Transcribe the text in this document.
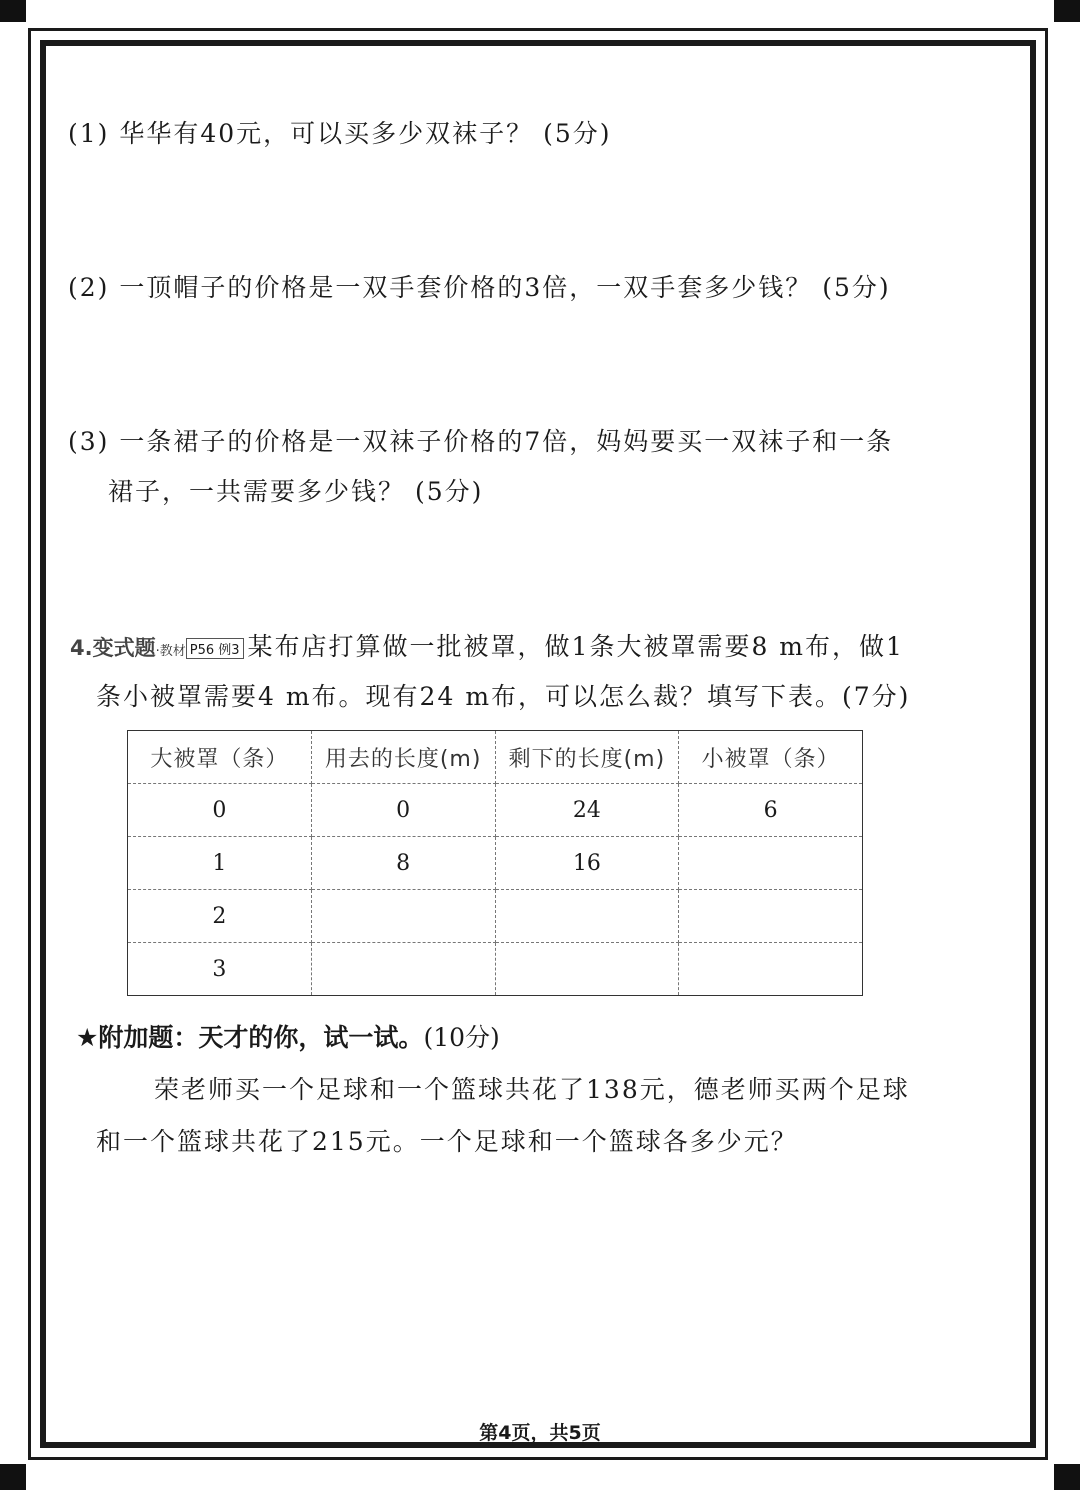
(1) 华华有40元，可以买多少双袜子？ (5分)
(2) 一顶帽子的价格是一双手套价格的3倍，一双手套多少钱？ (5分)
(3) 一条裙子的价格是一双袜子价格的7倍，妈妈要买一双袜子和一条
裙子，一共需要多少钱？ (5分)
4.变式题·教材 P56 例3 某布店打算做一批被罩，做1条大被罩需要8 m布，做1
条小被罩需要4 m布。现有24 m布，可以怎么裁？填写下表。(7分)
大被罩（条）	用去的长度(m)	剩下的长度(m)	小被罩（条）
0	0	24	6
1	8	16	
2			
3			
★附加题：天才的你，试一试。(10分)
荣老师买一个足球和一个篮球共花了138元，德老师买两个足球
和一个篮球共花了215元。一个足球和一个篮球各多少元？
第4页，共5页
